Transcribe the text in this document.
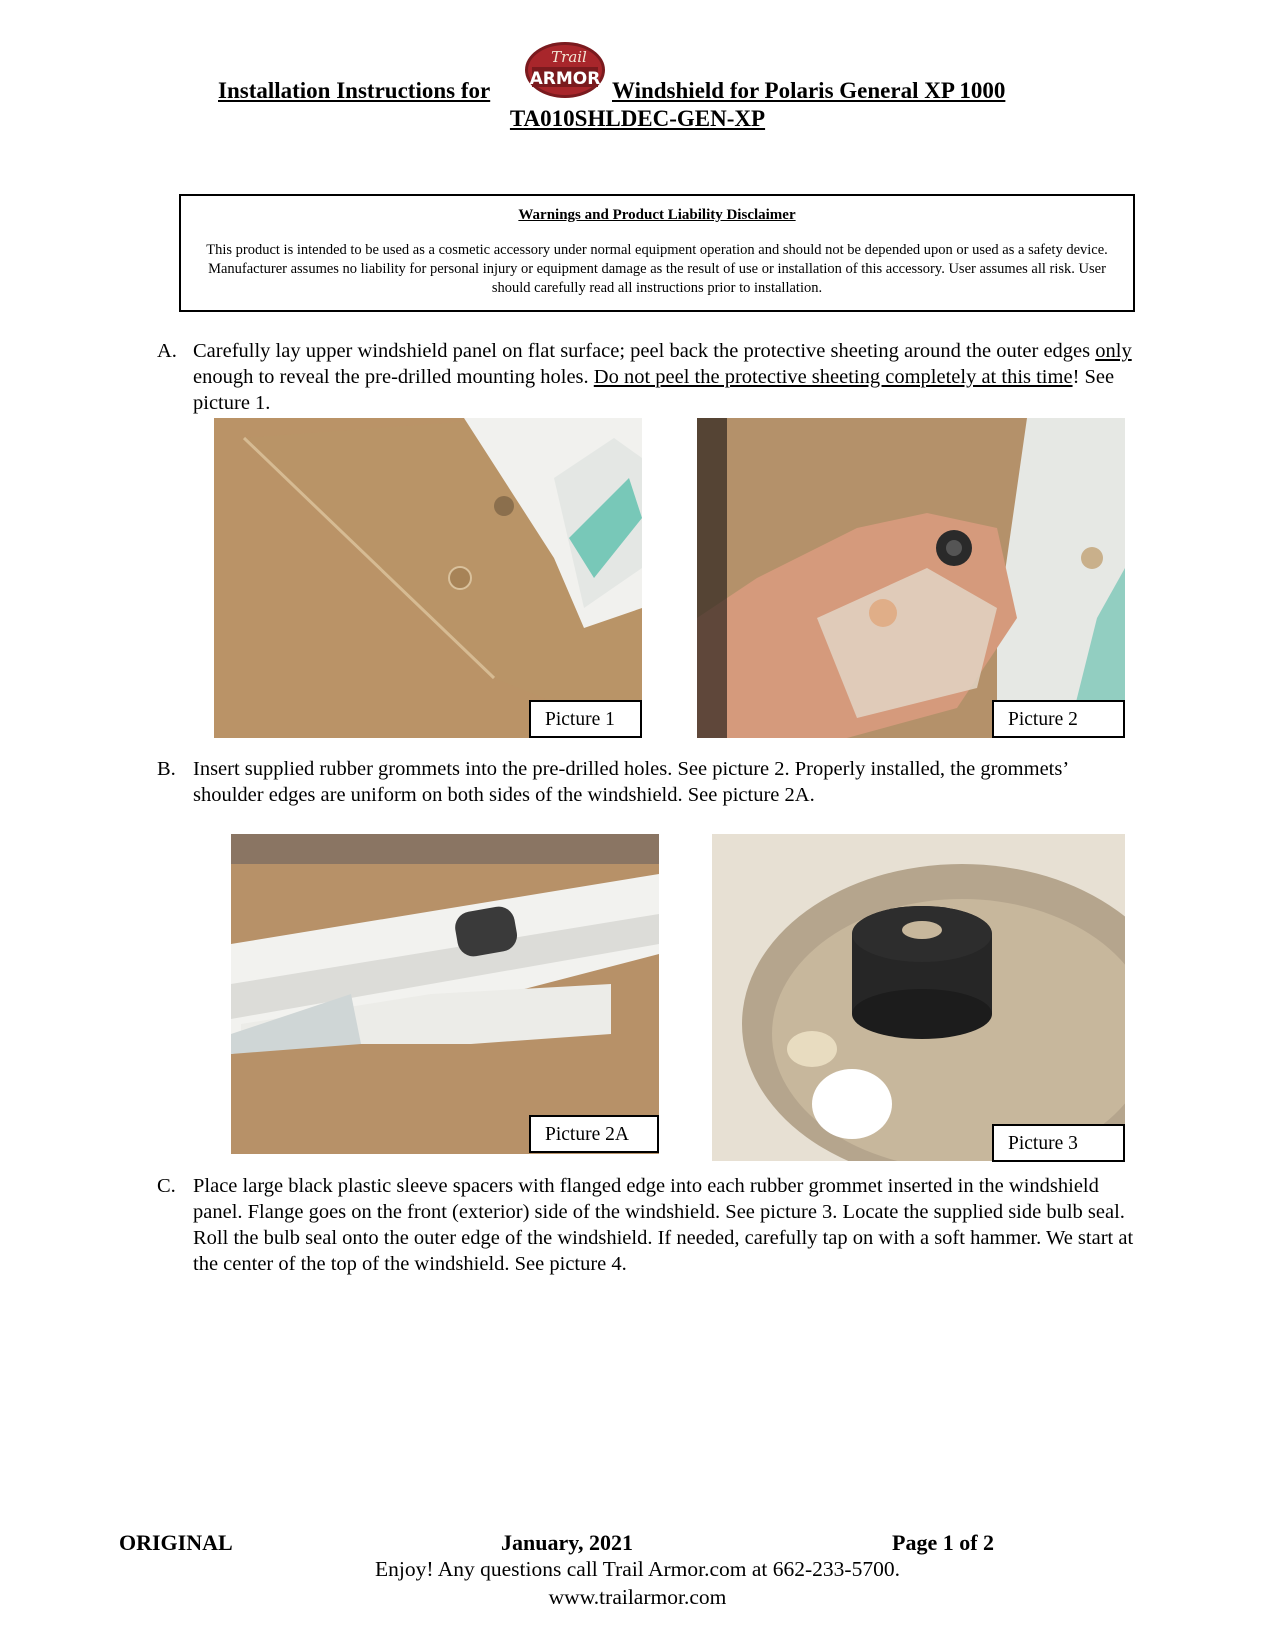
Installation Instructions for	Windshield for Polaris General XP 1000
Trail
ARMOR
TA010SHLDEC-GEN-XP
Warnings and Product Liability Disclaimer
This product is intended to be used as a cosmetic accessory under normal equipment operation and should not be depended upon or used as a safety device. Manufacturer assumes no liability for personal injury or equipment damage as the result of use or installation of this accessory. User assumes all risk. User should carefully read all instructions prior to installation.
A. Carefully lay upper windshield panel on flat surface; peel back the protective sheeting around the outer edges only enough to reveal the pre-drilled mounting holes. Do not peel the protective sheeting completely at this time! See picture 1.
Picture 1	Picture 2
B. Insert supplied rubber grommets into the pre-drilled holes. See picture 2. Properly installed, the grommets’ shoulder edges are uniform on both sides of the windshield. See picture 2A.
Picture 2A	Picture 3
C. Place large black plastic sleeve spacers with flanged edge into each rubber grommet inserted in the windshield panel. Flange goes on the front (exterior) side of the windshield. See picture 3. Locate the supplied side bulb seal. Roll the bulb seal onto the outer edge of the windshield. If needed, carefully tap on with a soft hammer. We start at the center of the top of the windshield. See picture 4.
ORIGINAL	January, 2021	Page 1 of 2
Enjoy! Any questions call Trail Armor.com at 662-233-5700.
www.trailarmor.com
